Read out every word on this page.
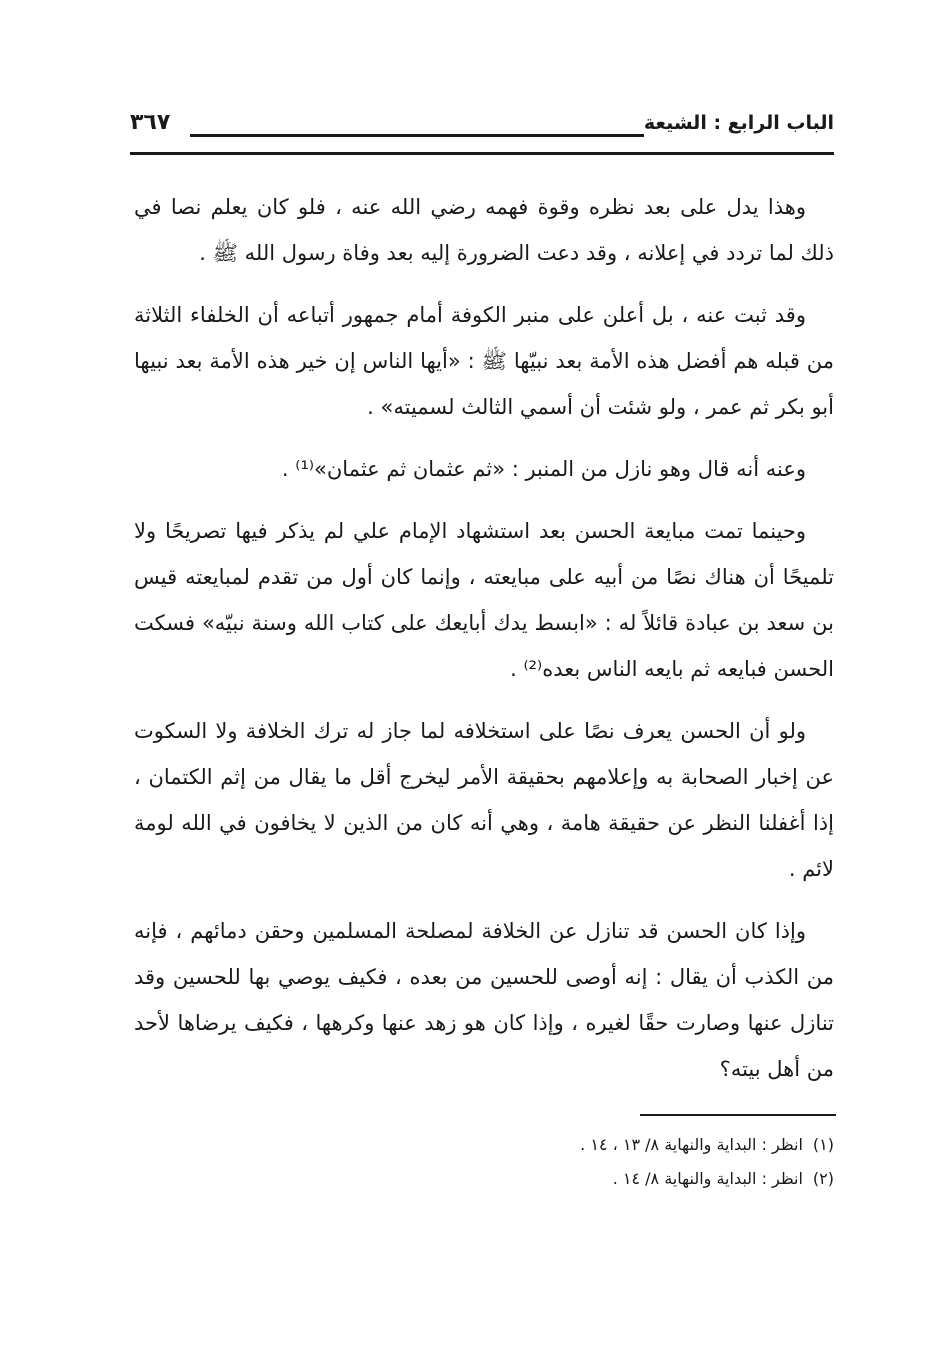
الباب الرابع : الشيعة
٣٦٧

وهذا يدل على بعد نظره وقوة فهمه رضي الله عنه ، فلو كان يعلم نصا في ذلك لما تردد في إعلانه ، وقد دعت الضرورة إليه بعد وفاة رسول الله ﷺ .

وقد ثبت عنه ، بل أعلن على منبر الكوفة أمام جمهور أتباعه أن الخلفاء الثلاثة من قبله هم أفضل هذه الأمة بعد نبيّها ﷺ : «أيها الناس إن خير هذه الأمة بعد نبيها أبو بكر ثم عمر ، ولو شئت أن أسمي الثالث لسميته» .

وعنه أنه قال وهو نازل من المنبر : «ثم عثمان ثم عثمان»⁽¹⁾ .

وحينما تمت مبايعة الحسن بعد استشهاد الإمام علي لم يذكر فيها تصريحًا ولا تلميحًا أن هناك نصًا من أبيه على مبايعته ، وإنما كان أول من تقدم لمبايعته قيس بن سعد بن عبادة قائلاً له : «ابسط يدك أبايعك على كتاب الله وسنة نبيّه» فسكت الحسن فبايعه ثم بايعه الناس بعده⁽²⁾ .

ولو أن الحسن يعرف نصًا على استخلافه لما جاز له ترك الخلافة ولا السكوت عن إخبار الصحابة به وإعلامهم بحقيقة الأمر ليخرج أقل ما يقال من إثم الكتمان ، إذا أغفلنا النظر عن حقيقة هامة ، وهي أنه كان من الذين لا يخافون في الله لومة لائم .

وإذا كان الحسن قد تنازل عن الخلافة لمصلحة المسلمين وحقن دمائهم ، فإنه من الكذب أن يقال : إنه أوصى للحسين من بعده ، فكيف يوصي بها للحسين وقد تنازل عنها وصارت حقًا لغيره ، وإذا كان هو زهد عنها وكرهها ، فكيف يرضاها لأحد من أهل بيته؟

(١)
انظر : البداية والنهاية ٨/ ١٣ ، ١٤ .
(٢)
انظر : البداية والنهاية ٨/ ١٤ .
